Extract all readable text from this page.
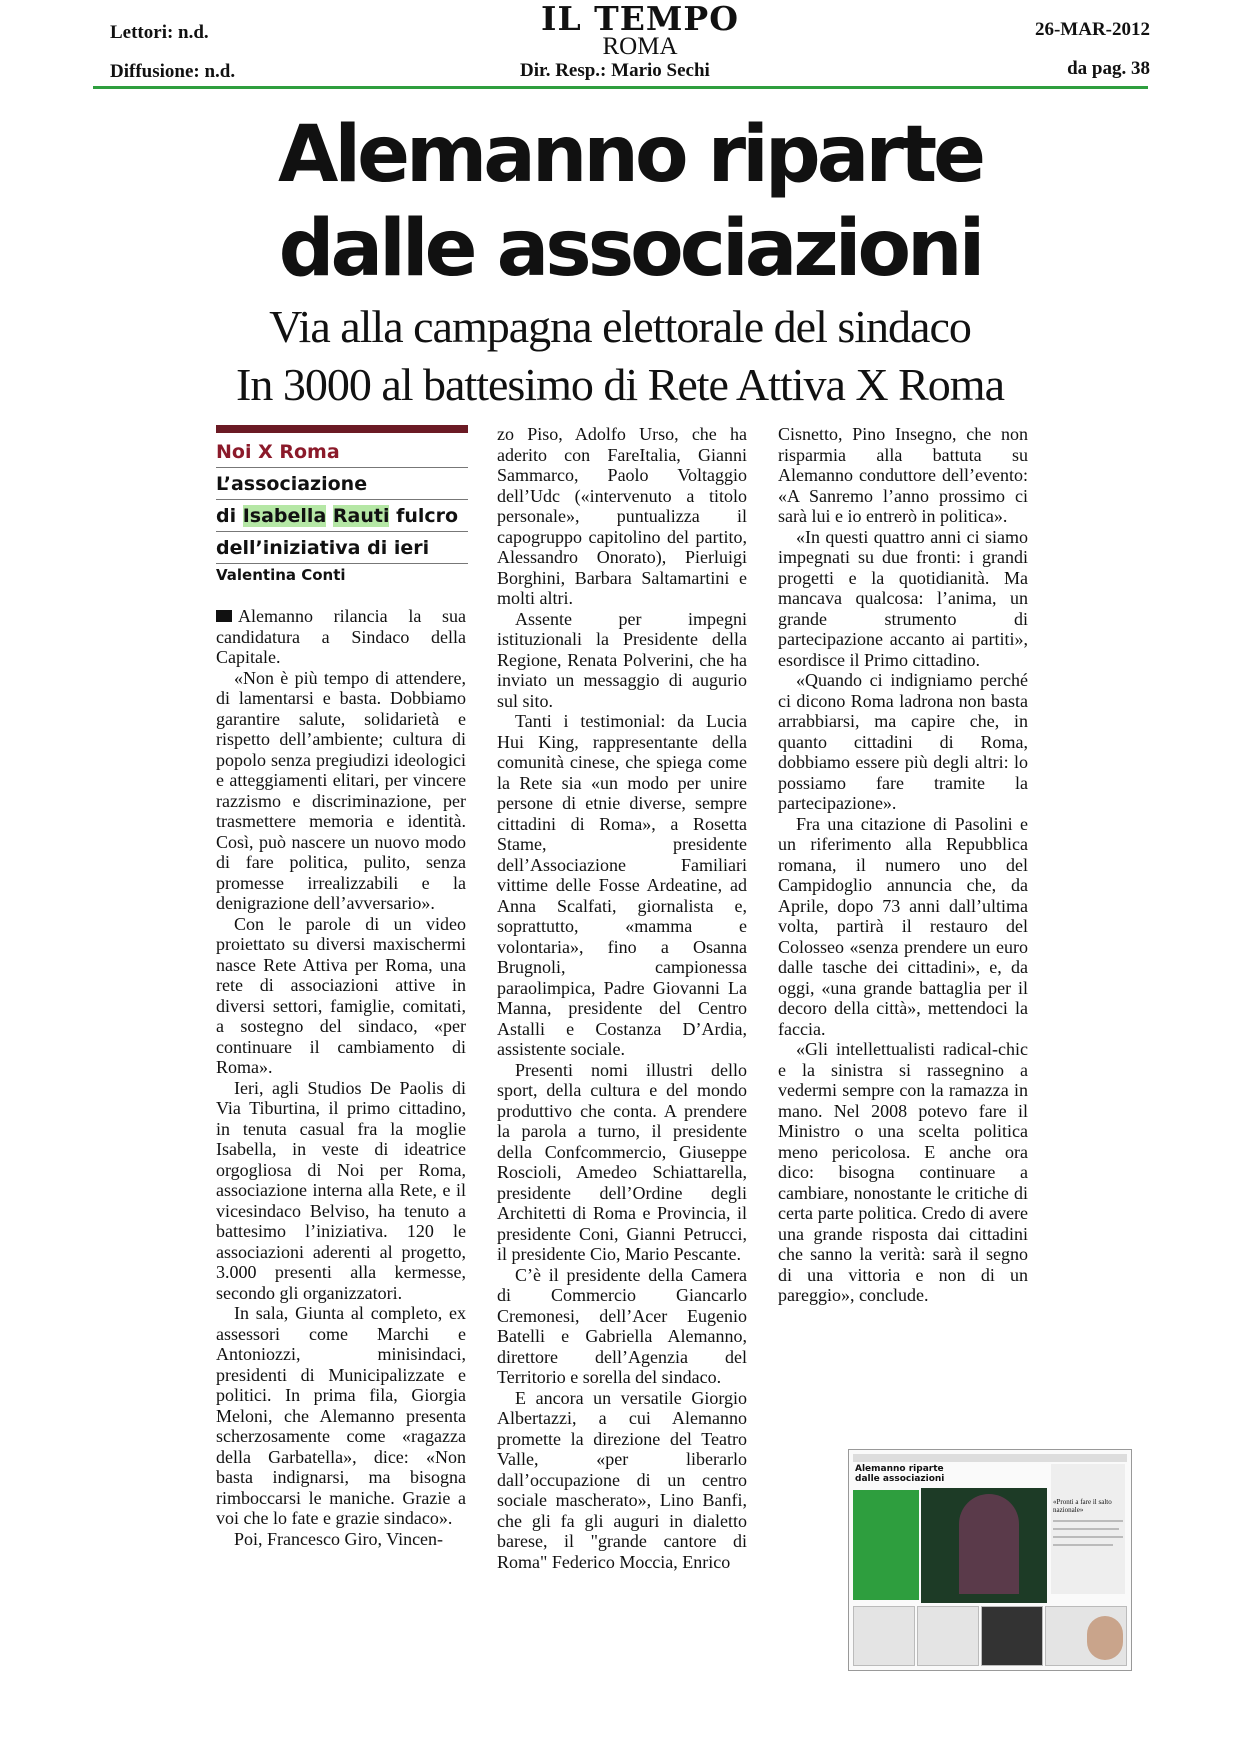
Lettori: n.d.
Diffusione: n.d.
IL TEMPO
ROMA
Dir. Resp.: Mario Sechi
26-MAR-2012
da pag. 38
Alemanno riparte
dalle associazioni
Via alla campagna elettorale del sindaco
In 3000 al battesimo di Rete Attiva X Roma
Noi X Roma
L’associazione
di Isabella Rauti fulcro
dell’iniziativa di ieri
Valentina Conti

Alemanno rilancia la sua candidatura a Sindaco della Capitale.

«Non è più tempo di attendere, di lamentarsi e basta. Dobbiamo garantire salute, solidarietà e rispetto dell’ambiente; cultura di popolo senza pregiudizi ideologici e atteggiamenti elitari, per vincere razzismo e discriminazione, per trasmettere memoria e identità. Così, può nascere un nuovo modo di fare politica, pulito, senza promesse irrealizzabili e la denigrazione dell’avversario».

Con le parole di un video proiettato su diversi maxischermi nasce Rete Attiva per Roma, una rete di associazioni attive in diversi settori, famiglie, comitati, a sostegno del sindaco, «per continuare il cambiamento di Roma».

Ieri, agli Studios De Paolis di Via Tiburtina, il primo cittadino, in tenuta casual fra la moglie Isabella, in veste di ideatrice orgogliosa di Noi per Roma, associazione interna alla Rete, e il vicesindaco Belviso, ha tenuto a battesimo l’iniziativa. 120 le associazioni aderenti al progetto, 3.000 presenti alla kermesse, secondo gli organizzatori.

In sala, Giunta al completo, ex assessori come Marchi e Antoniozzi, minisindaci, presidenti di Municipalizzate e politici. In prima fila, Giorgia Meloni, che Alemanno presenta scherzosamente come «ragazza della Garbatella», dice: «Non basta indignarsi, ma bisogna rimboccarsi le maniche. Grazie a voi che lo fate e grazie sindaco».

Poi, Francesco Giro, Vincen-

zo Piso, Adolfo Urso, che ha aderito con FareItalia, Gianni Sammarco, Paolo Voltaggio dell’Udc («intervenuto a titolo personale», puntualizza il capogruppo capitolino del partito, Alessandro Onorato), Pierluigi Borghini, Barbara Saltamartini e molti altri.

Assente per impegni istituzionali la Presidente della Regione, Renata Polverini, che ha inviato un messaggio di augurio sul sito.

Tanti i testimonial: da Lucia Hui King, rappresentante della comunità cinese, che spiega come la Rete sia «un modo per unire persone di etnie diverse, sempre cittadini di Roma», a Rosetta Stame, presidente dell’Associazione Familiari vittime delle Fosse Ardeatine, ad Anna Scalfati, giornalista e, soprattutto, «mamma e volontaria», fino a Osanna Brugnoli, campionessa paraolimpica, Padre Giovanni La Manna, presidente del Centro Astalli e Costanza D’Ardia, assistente sociale.

Presenti nomi illustri dello sport, della cultura e del mondo produttivo che conta. A prendere la parola a turno, il presidente della Confcommercio, Giuseppe Roscioli, Amedeo Schiattarella, presidente dell’Ordine degli Architetti di Roma e Provincia, il presidente Coni, Gianni Petrucci, il presidente Cio, Mario Pescante.

C’è il presidente della Camera di Commercio Giancarlo Cremonesi, dell’Acer Eugenio Batelli e Gabriella Alemanno, direttore dell’Agenzia del Territorio e sorella del sindaco.

E ancora un versatile Giorgio Albertazzi, a cui Alemanno promette la direzione del Teatro Valle, «per liberarlo dall’occupazione di un centro sociale mascherato», Lino Banfi, che gli fa gli auguri in dialetto barese, il "grande cantore di Roma" Federico Moccia, Enrico

Cisnetto, Pino Insegno, che non risparmia alla battuta su Alemanno conduttore dell’evento: «A Sanremo l’anno prossimo ci sarà lui e io entrerò in politica».

«In questi quattro anni ci siamo impegnati su due fronti: i grandi progetti e la quotidianità. Ma mancava qualcosa: l’anima, un grande strumento di partecipazione accanto ai partiti», esordisce il Primo cittadino.

«Quando ci indigniamo perché ci dicono Roma ladrona non basta arrabbiarsi, ma capire che, in quanto cittadini di Roma, dobbiamo essere più degli altri: lo possiamo fare tramite la partecipazione».

Fra una citazione di Pasolini e un riferimento alla Repubblica romana, il numero uno del Campidoglio annuncia che, da Aprile, dopo 73 anni dall’ultima volta, partirà il restauro del Colosseo «senza prendere un euro dalle tasche dei cittadini», e, da oggi, «una grande battaglia per il decoro della città», mettendoci la faccia.

«Gli intellettualisti radical-chic e la sinistra si rassegnino a vedermi sempre con la ramazza in mano. Nel 2008 potevo fare il Ministro o una scelta politica meno pericolosa. E anche ora dico: bisogna continuare a cambiare, nonostante le critiche di certa parte politica. Credo di avere una grande risposta dai cittadini che sanno la verità: sarà il segno di una vittoria e non di un pareggio», conclude.

Alemanno riparte dalle associazioni
«Pronti a fare il salto nazionale»
